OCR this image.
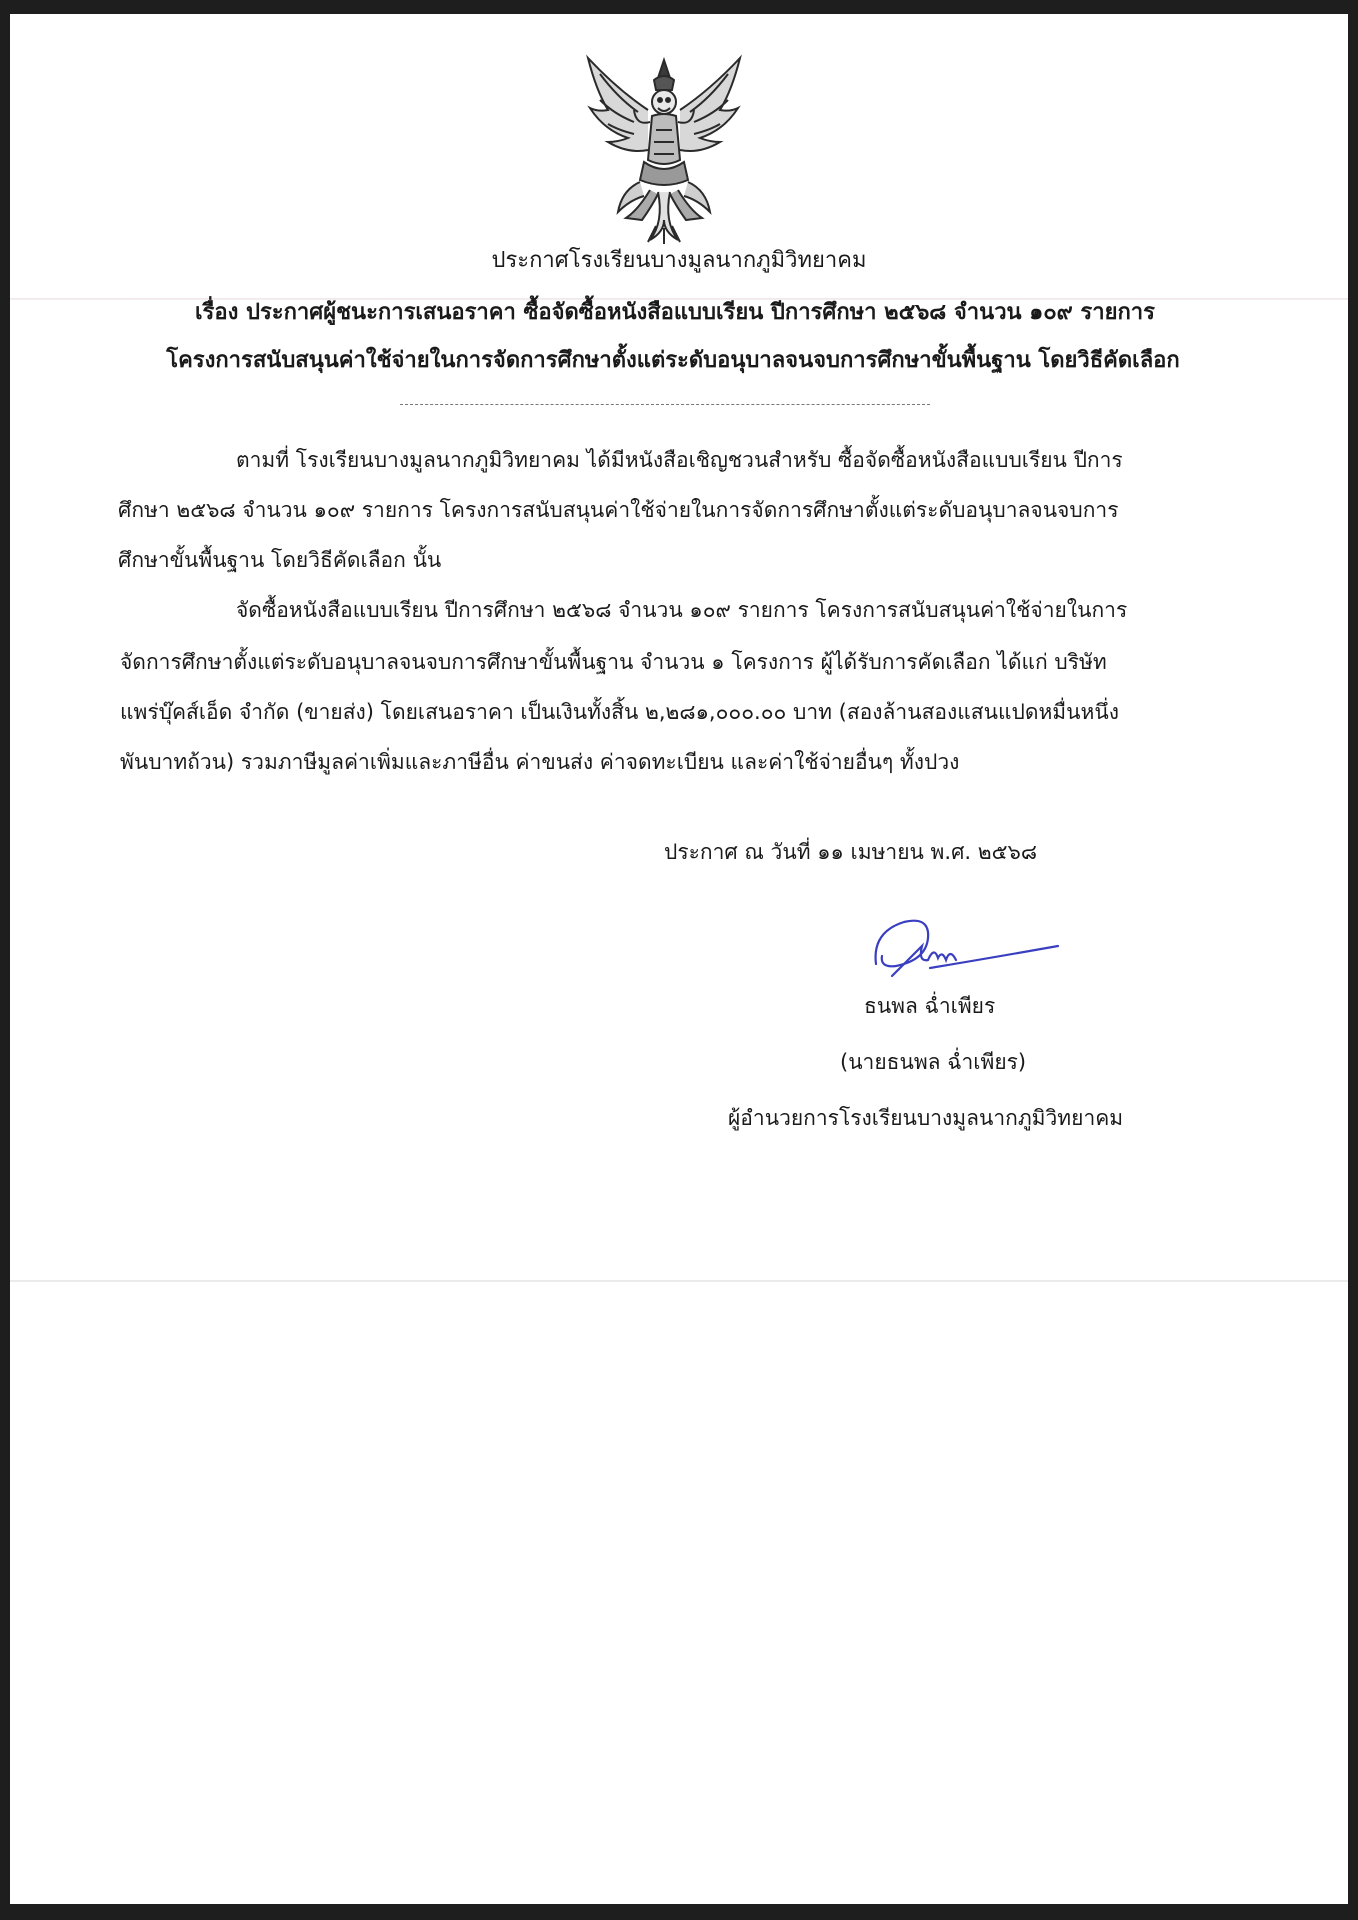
ประกาศโรงเรียนบางมูลนากภูมิวิทยาคม
เรื่อง ประกาศผู้ชนะการเสนอราคา ซื้อจัดซื้อหนังสือแบบเรียน ปีการศึกษา ๒๕๖๘ จำนวน ๑๐๙ รายการ
โครงการสนับสนุนค่าใช้จ่ายในการจัดการศึกษาตั้งแต่ระดับอนุบาลจนจบการศึกษาขั้นพื้นฐาน โดยวิธีคัดเลือก
ตามที่ โรงเรียนบางมูลนากภูมิวิทยาคม ได้มีหนังสือเชิญชวนสำหรับ ซื้อจัดซื้อหนังสือแบบเรียน ปีการ
ศึกษา ๒๕๖๘ จำนวน ๑๐๙ รายการ โครงการสนับสนุนค่าใช้จ่ายในการจัดการศึกษาตั้งแต่ระดับอนุบาลจนจบการ
ศึกษาขั้นพื้นฐาน โดยวิธีคัดเลือก นั้น
จัดซื้อหนังสือแบบเรียน ปีการศึกษา ๒๕๖๘ จำนวน ๑๐๙ รายการ โครงการสนับสนุนค่าใช้จ่ายในการ
จัดการศึกษาตั้งแต่ระดับอนุบาลจนจบการศึกษาขั้นพื้นฐาน จำนวน ๑ โครงการ ผู้ได้รับการคัดเลือก ได้แก่ บริษัท
แพร่บุ๊คส์เอ็ด จำกัด (ขายส่ง) โดยเสนอราคา เป็นเงินทั้งสิ้น ๒,๒๘๑,๐๐๐.๐๐ บาท (สองล้านสองแสนแปดหมื่นหนึ่ง
พันบาทถ้วน) รวมภาษีมูลค่าเพิ่มและภาษีอื่น ค่าขนส่ง ค่าจดทะเบียน และค่าใช้จ่ายอื่นๆ ทั้งปวง
ประกาศ ณ วันที่ ๑๑ เมษายน พ.ศ. ๒๕๖๘
ธนพล ฉ่ำเพียร
(นายธนพล ฉ่ำเพียร)
ผู้อำนวยการโรงเรียนบางมูลนากภูมิวิทยาคม
